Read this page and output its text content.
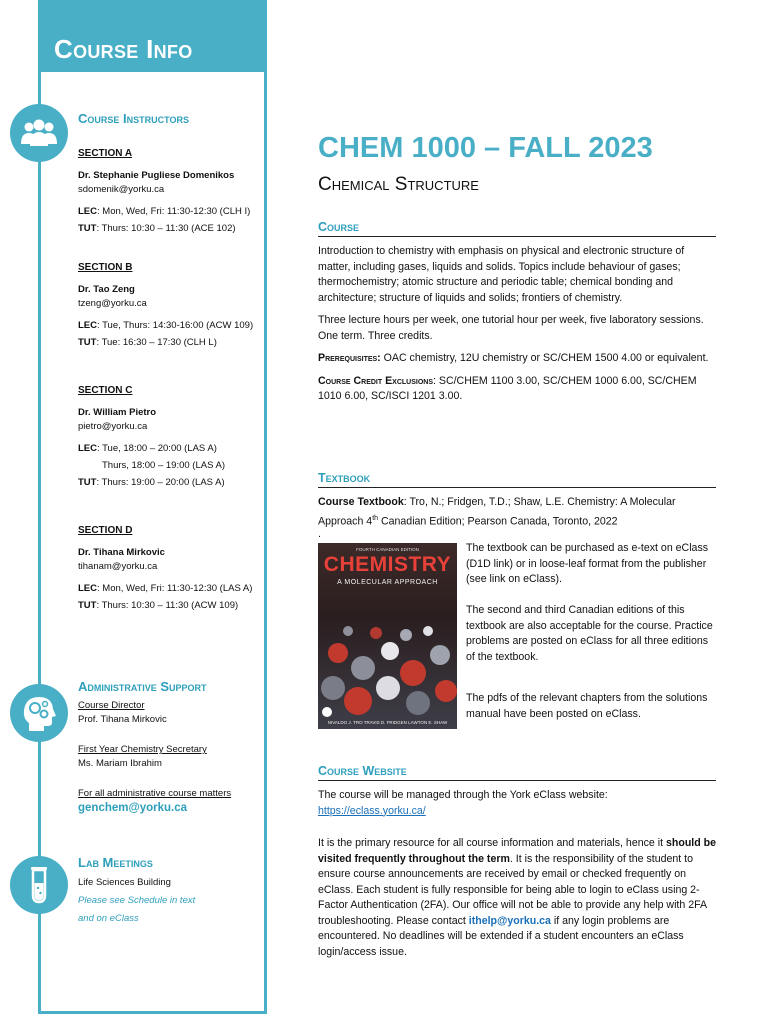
Course Info
Course Instructors
SECTION A
Dr. Stephanie Pugliese Domenikos
sdomenik@yorku.ca
LEC: Mon, Wed, Fri: 11:30-12:30 (CLH I)
TUT: Thurs: 10:30 – 11:30 (ACE 102)
SECTION B
Dr. Tao Zeng
tzeng@yorku.ca
LEC: Tue, Thurs: 14:30-16:00 (ACW 109)
TUT: Tue: 16:30 – 17:30 (CLH L)
SECTION C
Dr. William Pietro
pietro@yorku.ca
LEC: Tue, 18:00 – 20:00 (LAS A)
Thurs, 18:00 – 19:00 (LAS A)
TUT: Thurs: 19:00 – 20:00 (LAS A)
SECTION D
Dr. Tihana Mirkovic
tihanam@yorku.ca
LEC: Mon, Wed, Fri: 11:30-12:30 (LAS A)
TUT: Thurs: 10:30 – 11:30 (ACW 109)
Administrative Support
Course Director
Prof. Tihana Mirkovic
First Year Chemistry Secretary
Ms. Mariam Ibrahim
For all administrative course matters
genchem@yorku.ca
Lab Meetings
Life Sciences Building
Please see Schedule in text
and on eClass
CHEM 1000 – FALL 2023
Chemical Structure
Course

Introduction to chemistry with emphasis on physical and electronic structure of matter, including gases, liquids and solids. Topics include behaviour of gases; thermochemistry; atomic structure and periodic table; chemical bonding and architecture; structure of liquids and solids; frontiers of chemistry.

Three lecture hours per week, one tutorial hour per week, five laboratory sessions. One term. Three credits.

Prerequisites: OAC chemistry, 12U chemistry or SC/CHEM 1500 4.00 or equivalent.

Course Credit Exclusions: SC/CHEM 1100 3.00, SC/CHEM 1000 6.00, SC/CHEM 1010 6.00, SC/ISCI 1201 3.00.

Textbook
Course Textbook: Tro, N.; Fridgen, T.D.; Shaw, L.E. Chemistry: A Molecular Approach 4th Canadian Edition; Pearson Canada, Toronto, 2022
.
FOURTH CANADIAN EDITION
CHEMISTRY
A MOLECULAR APPROACH
NIVALDO J. TRO TRAVIS D. FRIDGEN LAWTON E. SHAW
The textbook can be purchased as e-text on eClass (D1D link) or in loose-leaf format from the publisher (see link on eClass).
The second and third Canadian editions of this textbook are also acceptable for the course. Practice problems are posted on eClass for all three editions of the textbook.
The pdfs of the relevant chapters from the solutions manual have been posted on eClass.
Course Website
The course will be managed through the York eClass website:
https://eclass.yorku.ca/
It is the primary resource for all course information and materials, hence it should be visited frequently throughout the term. It is the responsibility of the student to ensure course announcements are received by email or checked frequently on eClass. Each student is fully responsible for being able to login to eClass using 2-Factor Authentication (2FA). Our office will not be able to provide any help with 2FA troubleshooting. Please contact ithelp@yorku.ca if any login problems are encountered. No deadlines will be extended if a student encounters an eClass login/access issue.
